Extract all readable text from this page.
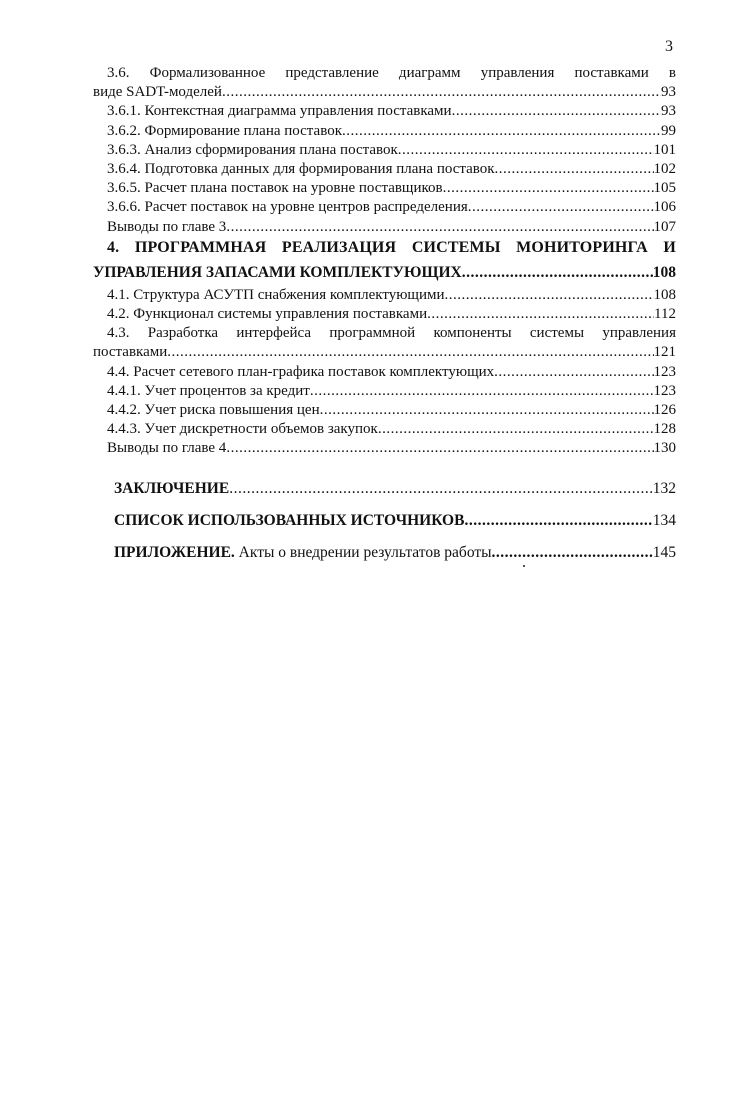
3
3.6. Формализованное представление диаграмм управления поставками в
виде SADT-моделей .....	93
3.6.1. Контекстная диаграмма управления поставками .....	93
3.6.2. Формирование плана поставок .....	99
3.6.3. Анализ сформирования плана поставок .....	101
3.6.4. Подготовка данных для формирования плана поставок .....	102
3.6.5. Расчет плана поставок на уровне поставщиков .....	105
3.6.6. Расчет поставок на уровне центров распределения .....	106
Выводы по главе 3 .....	107
4. ПРОГРАММНАЯ РЕАЛИЗАЦИЯ СИСТЕМЫ МОНИТОРИНГА И
УПРАВЛЕНИЯ ЗАПАСАМИ КОМПЛЕКТУЮЩИХ .....	108
4.1. Структура АСУТП снабжения комплектующими .....	108
4.2. Функционал системы управления поставками .....	112
4.3. Разработка интерфейса программной компоненты системы управления
поставками .....	121
4.4. Расчет сетевого план-графика поставок комплектующих .....	123
4.4.1. Учет процентов за кредит .....	123
4.4.2. Учет риска повышения цен .....	126
4.4.3. Учет дискретности объемов закупок .....	128
Выводы по главе 4 .....	130
ЗАКЛЮЧЕНИЕ .....	132
СПИСОК ИСПОЛЬЗОВАННЫХ ИСТОЧНИКОВ .....	134
ПРИЛОЖЕНИЕ. Акты о внедрении результатов работы .....	145
